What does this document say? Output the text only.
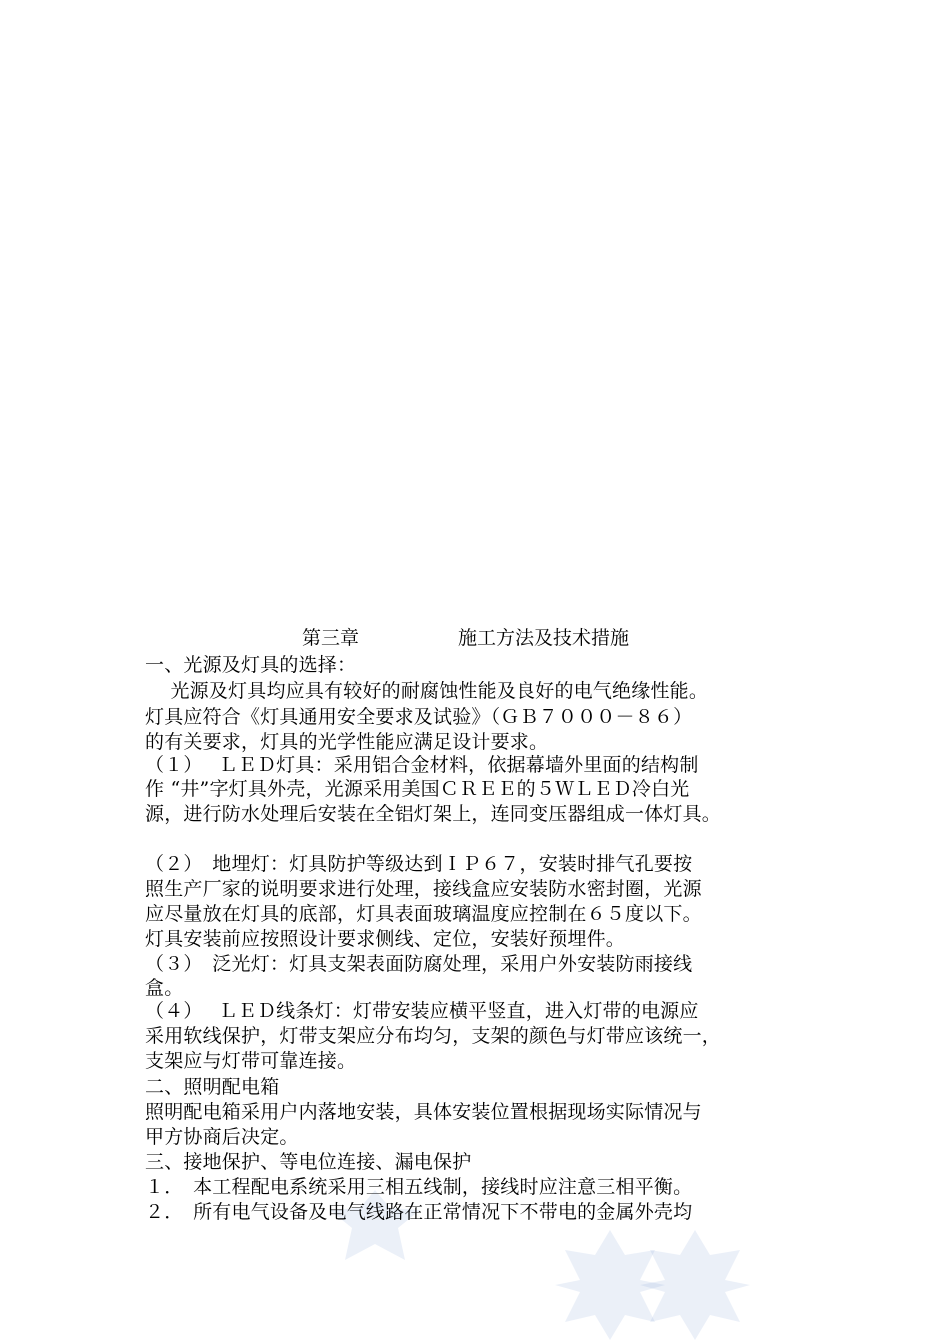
第三章	施工方法及技术措施
一、光源及灯具的选择：
　 光源及灯具均应具有较好的耐腐蚀性能及良好的电气绝缘性能。
灯具应符合《灯具通用安全要求及试验》（ＧＢ７０００－８６）
的有关要求，灯具的光学性能应满足设计要求。
（１）　 ＬＥＤ灯具：采用铝合金材料，依据幕墙外里面的结构制
作 “井”字灯具外壳，光源采用美国ＣＲＥＥ的５ＷＬＥＤ冷白光
源，进行防水处理后安装在全铝灯架上，连同变压器组成一体灯具。
（２）　地埋灯：灯具防护等级达到ＩＰ６７，安装时排气孔要按
照生产厂家的说明要求进行处理，接线盒应安装防水密封圈，光源
应尽量放在灯具的底部，灯具表面玻璃温度应控制在６５度以下。
灯具安装前应按照设计要求侧线、定位，安装好预埋件。
（３）　泛光灯：灯具支架表面防腐处理，采用户外安装防雨接线
盒。
（４）　 ＬＥＤ线条灯：灯带安装应横平竖直，进入灯带的电源应
采用软线保护，灯带支架应分布均匀，支架的颜色与灯带应该统一，
支架应与灯带可靠连接。
二、照明配电箱
照明配电箱采用户内落地安装，具体安装位置根据现场实际情况与
甲方协商后决定。
三、接地保护、等电位连接、漏电保护
１．　本工程配电系统采用三相五线制，接线时应注意三相平衡。
２．　所有电气设备及电气线路在正常情况下不带电的金属外壳均
